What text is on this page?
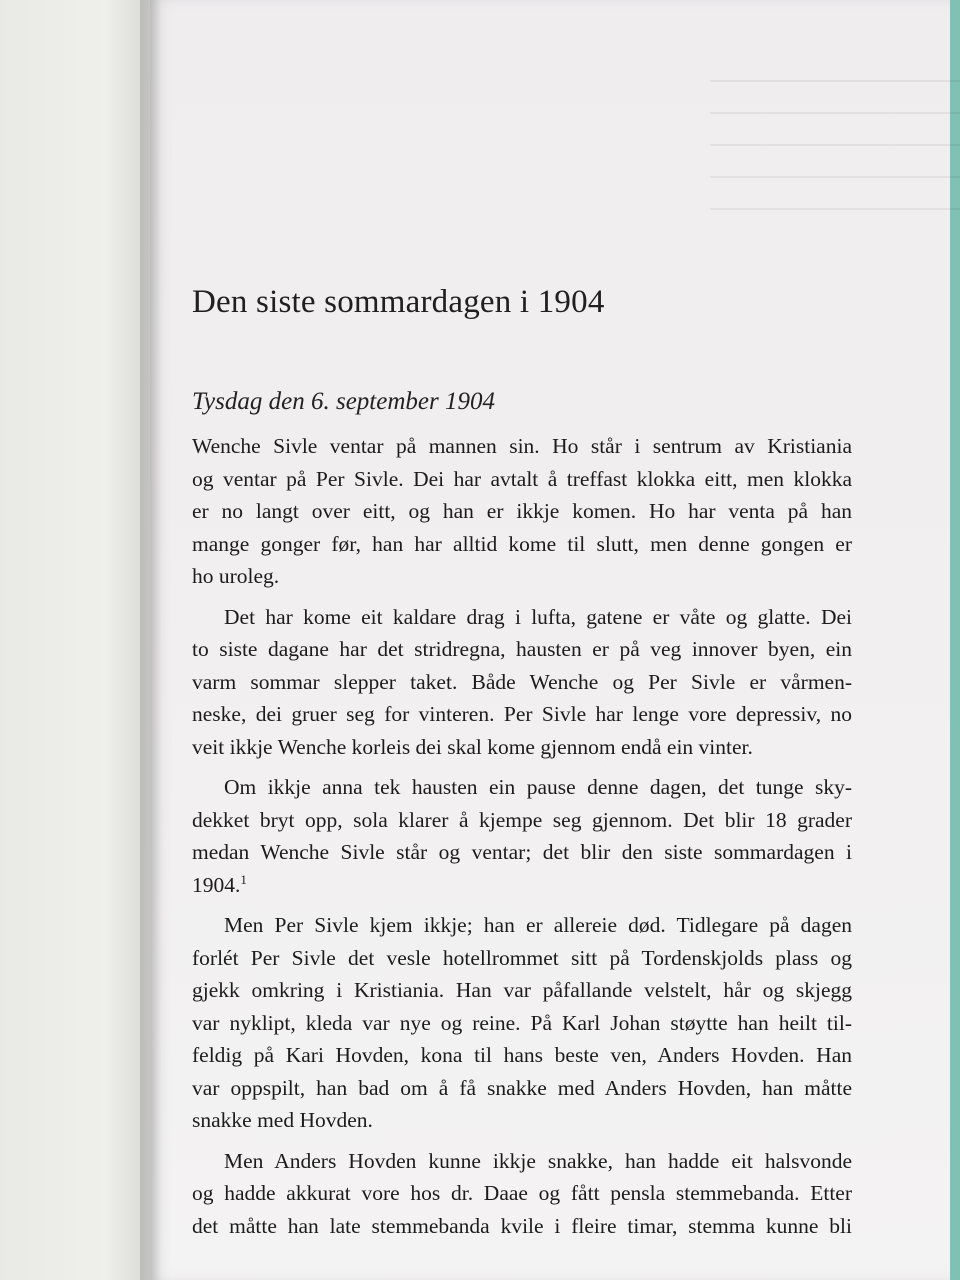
Den siste sommardagen i 1904
Tysdag den 6. september 1904

Wenche Sivle ventar på mannen sin. Ho står i sentrum av Kristiania
og ventar på Per Sivle. Dei har avtalt å treffast klokka eitt, men klokka
er no langt over eitt, og han er ikkje komen. Ho har venta på han
mange gonger før, han har alltid kome til slutt, men denne gongen er
ho uroleg.

Det har kome eit kaldare drag i lufta, gatene er våte og glatte. Dei
to siste dagane har det stridregna, hausten er på veg innover byen, ein
varm sommar slepper taket. Både Wenche og Per Sivle er vårmen-
neske, dei gruer seg for vinteren. Per Sivle har lenge vore depressiv, no
veit ikkje Wenche korleis dei skal kome gjennom endå ein vinter.

Om ikkje anna tek hausten ein pause denne dagen, det tunge sky-
dekket bryt opp, sola klarer å kjempe seg gjennom. Det blir 18 grader
medan Wenche Sivle står og ventar; det blir den siste sommardagen i
1904.$^1$

Men Per Sivle kjem ikkje; han er allereie død. Tidlegare på dagen
forlét Per Sivle det vesle hotellrommet sitt på Tordenskjolds plass og
gjekk omkring i Kristiania. Han var påfallande velstelt, hår og skjegg
var nyklipt, kleda var nye og reine. På Karl Johan støytte han heilt til-
feldig på Kari Hovden, kona til hans beste ven, Anders Hovden. Han
var oppspilt, han bad om å få snakke med Anders Hovden, han måtte
snakke med Hovden.

Men Anders Hovden kunne ikkje snakke, han hadde eit halsvonde
og hadde akkurat vore hos dr. Daae og fått pensla stemmebanda. Etter
det måtte han late stemmebanda kvile i fleire timar, stemma kunne bli
